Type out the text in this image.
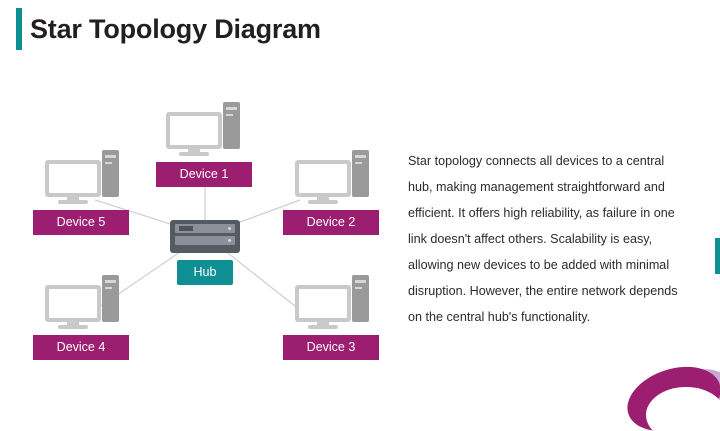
Star Topology Diagram
Device 1
Device 5	Device 2
Device 4	Device 3
Hub
Star topology connects all devices to a central hub, making management straightforward and efficient. It offers high reliability, as failure in one link doesn't affect others. Scalability is easy, allowing new devices to be added with minimal disruption. However, the entire network depends on the central hub's functionality.
